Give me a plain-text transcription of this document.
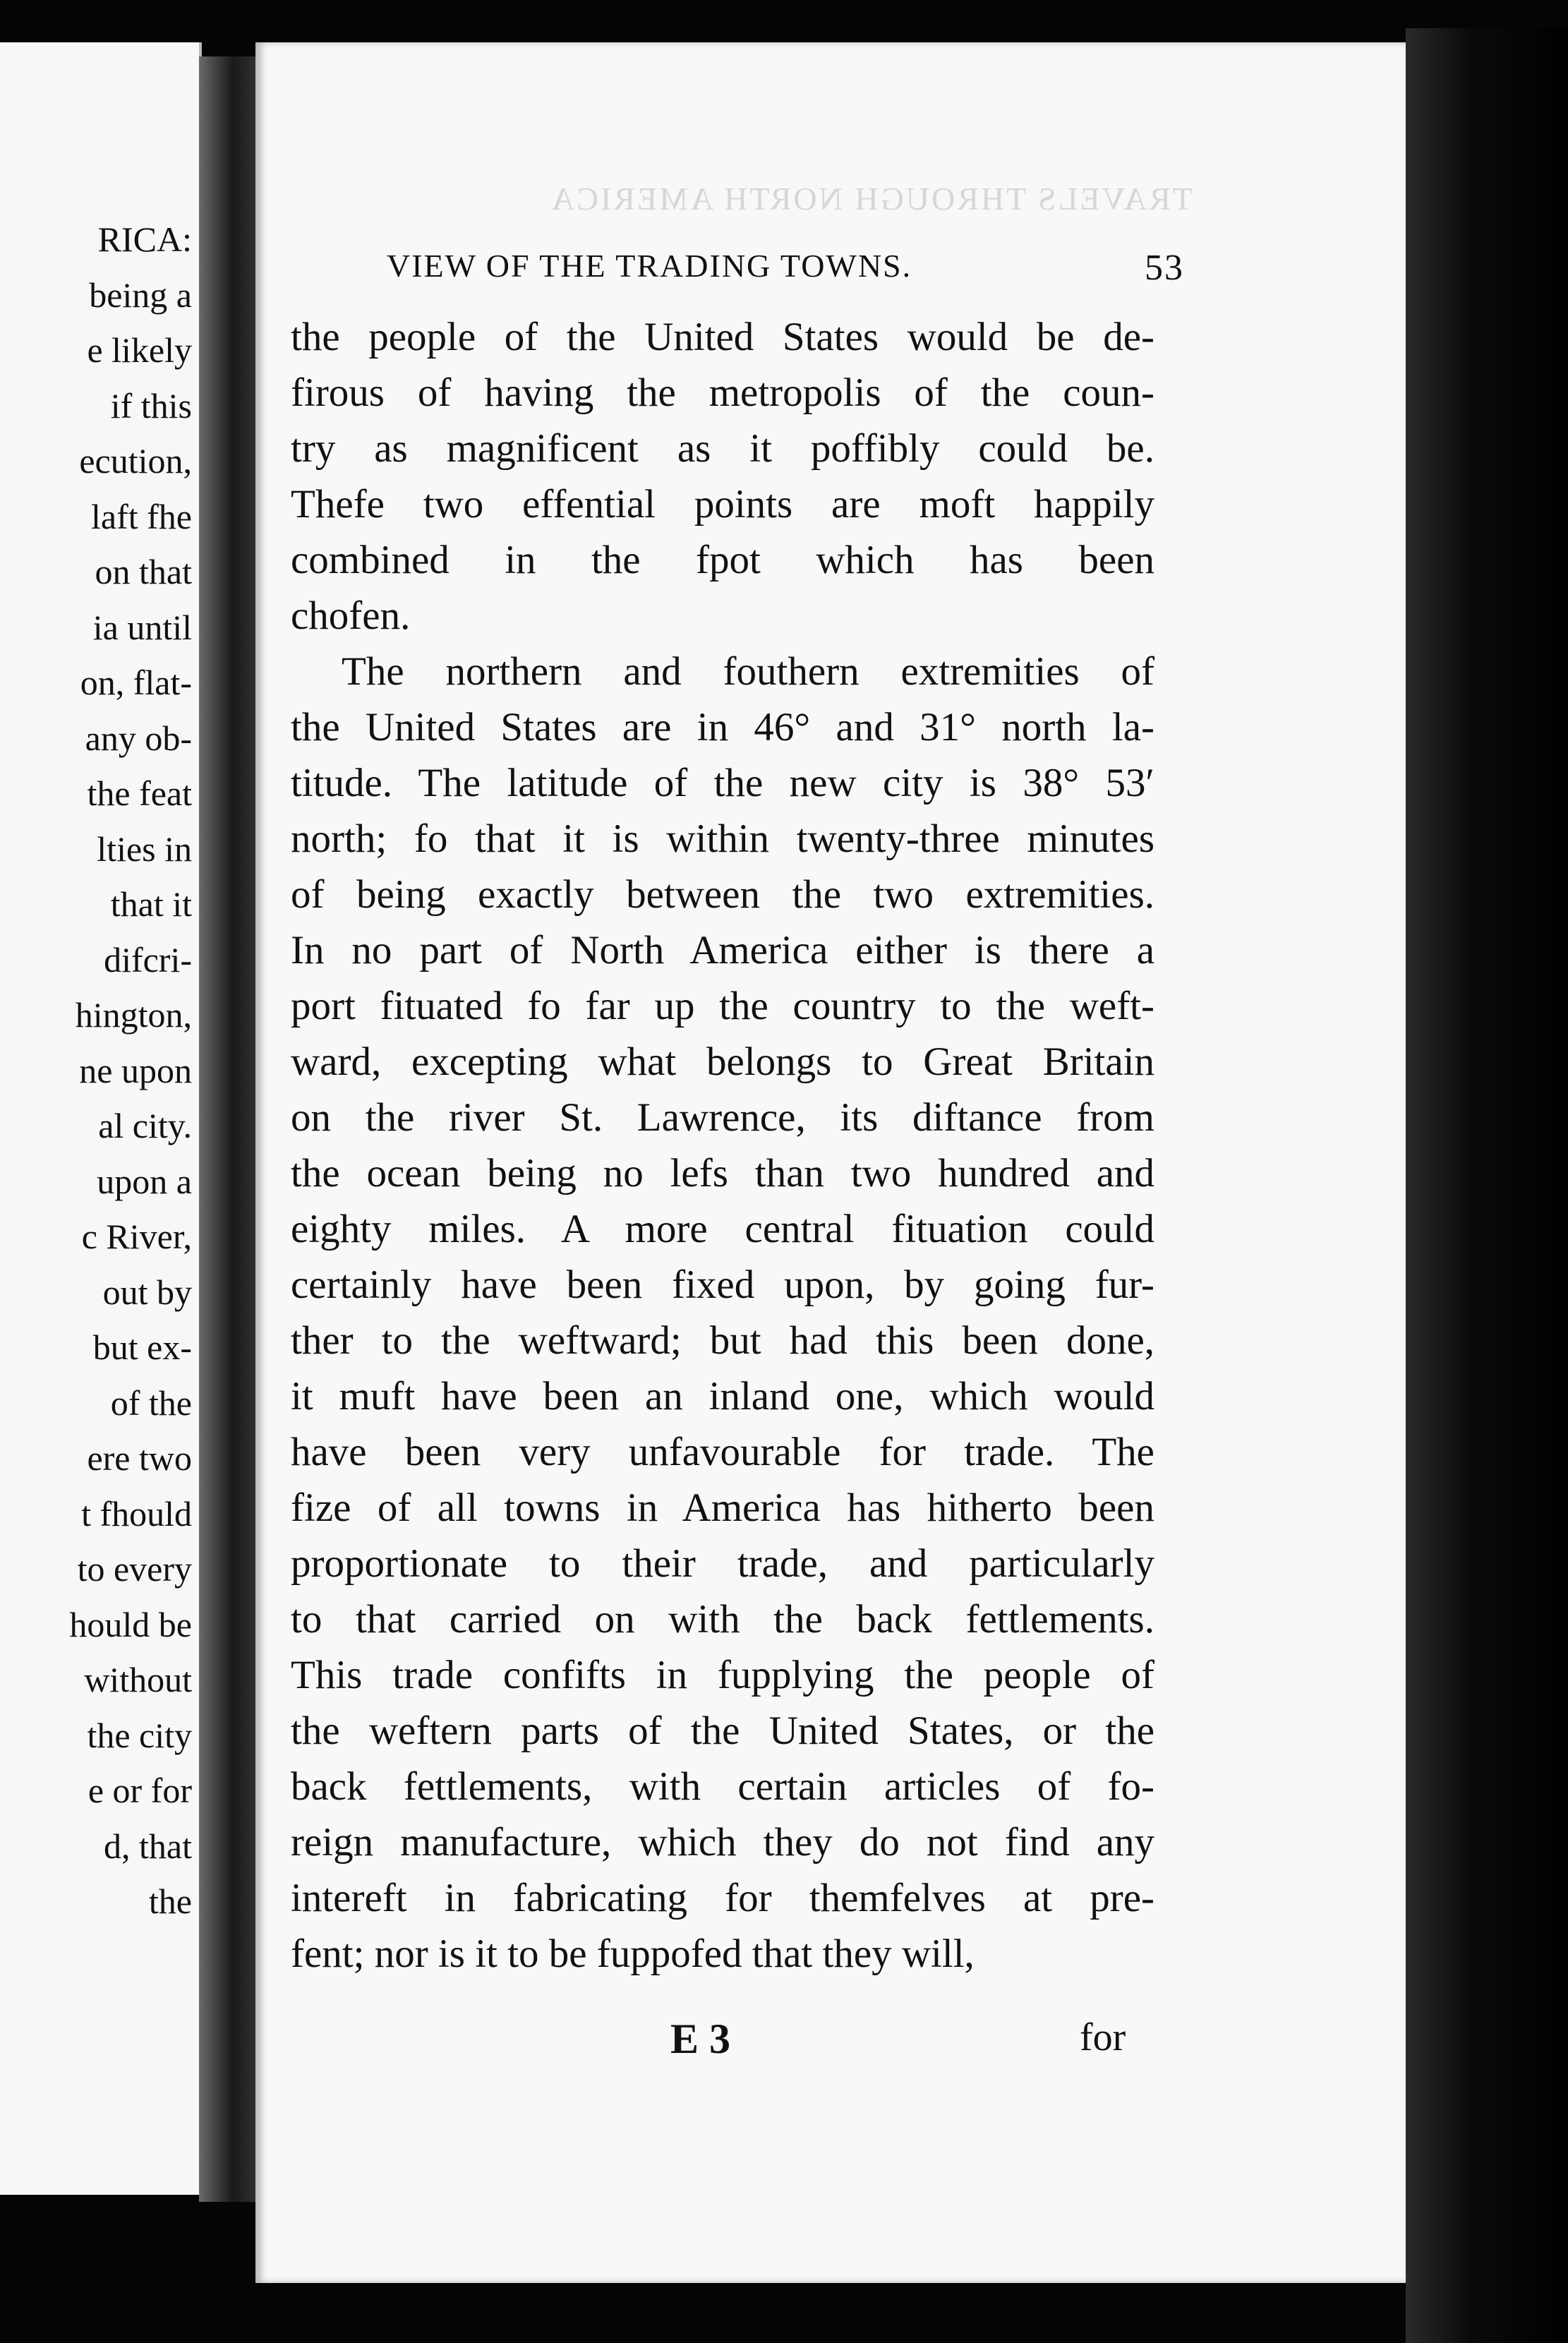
RICA:
being a
e likely
if this
ecution,
laft fhe
on that
ia until
on, flat-
any ob-
the feat
lties in
that it
difcri-
hington,
ne upon
al city.
upon a
c River,
out by
but ex-
of the
ere two
t fhould
to every
hould be
without
the city
e or for
d, that
the
TRAVELS THROUGH NORTH AMERICA
VIEW OF THE TRADING TOWNS.	53
the people of the United States would be de-
firous of having the metropolis of the coun-
try as magnificent as it poffibly could be.
Thefe two effential points are moft happily
combined in the fpot which has been
chofen.
The northern and fouthern extremities of
the United States are in 46° and 31° north la-
titude. The latitude of the new city is 38° 53′
north; fo that it is within twenty-three minutes
of being exactly between the two extremities.
In no part of North America either is there a
port fituated fo far up the country to the weft-
ward, excepting what belongs to Great Britain
on the river St. Lawrence, its diftance from
the ocean being no lefs than two hundred and
eighty miles. A more central fituation could
certainly have been fixed upon, by going fur-
ther to the weftward; but had this been done,
it muft have been an inland one, which would
have been very unfavourable for trade. The
fize of all towns in America has hitherto been
proportionate to their trade, and particularly
to that carried on with the back fettlements.
This trade confifts in fupplying the people of
the weftern parts of the United States, or the
back fettlements, with certain articles of fo-
reign manufacture, which they do not find any
intereft in fabricating for themfelves at pre-
fent; nor is it to be fuppofed that they will,
E 3	for
